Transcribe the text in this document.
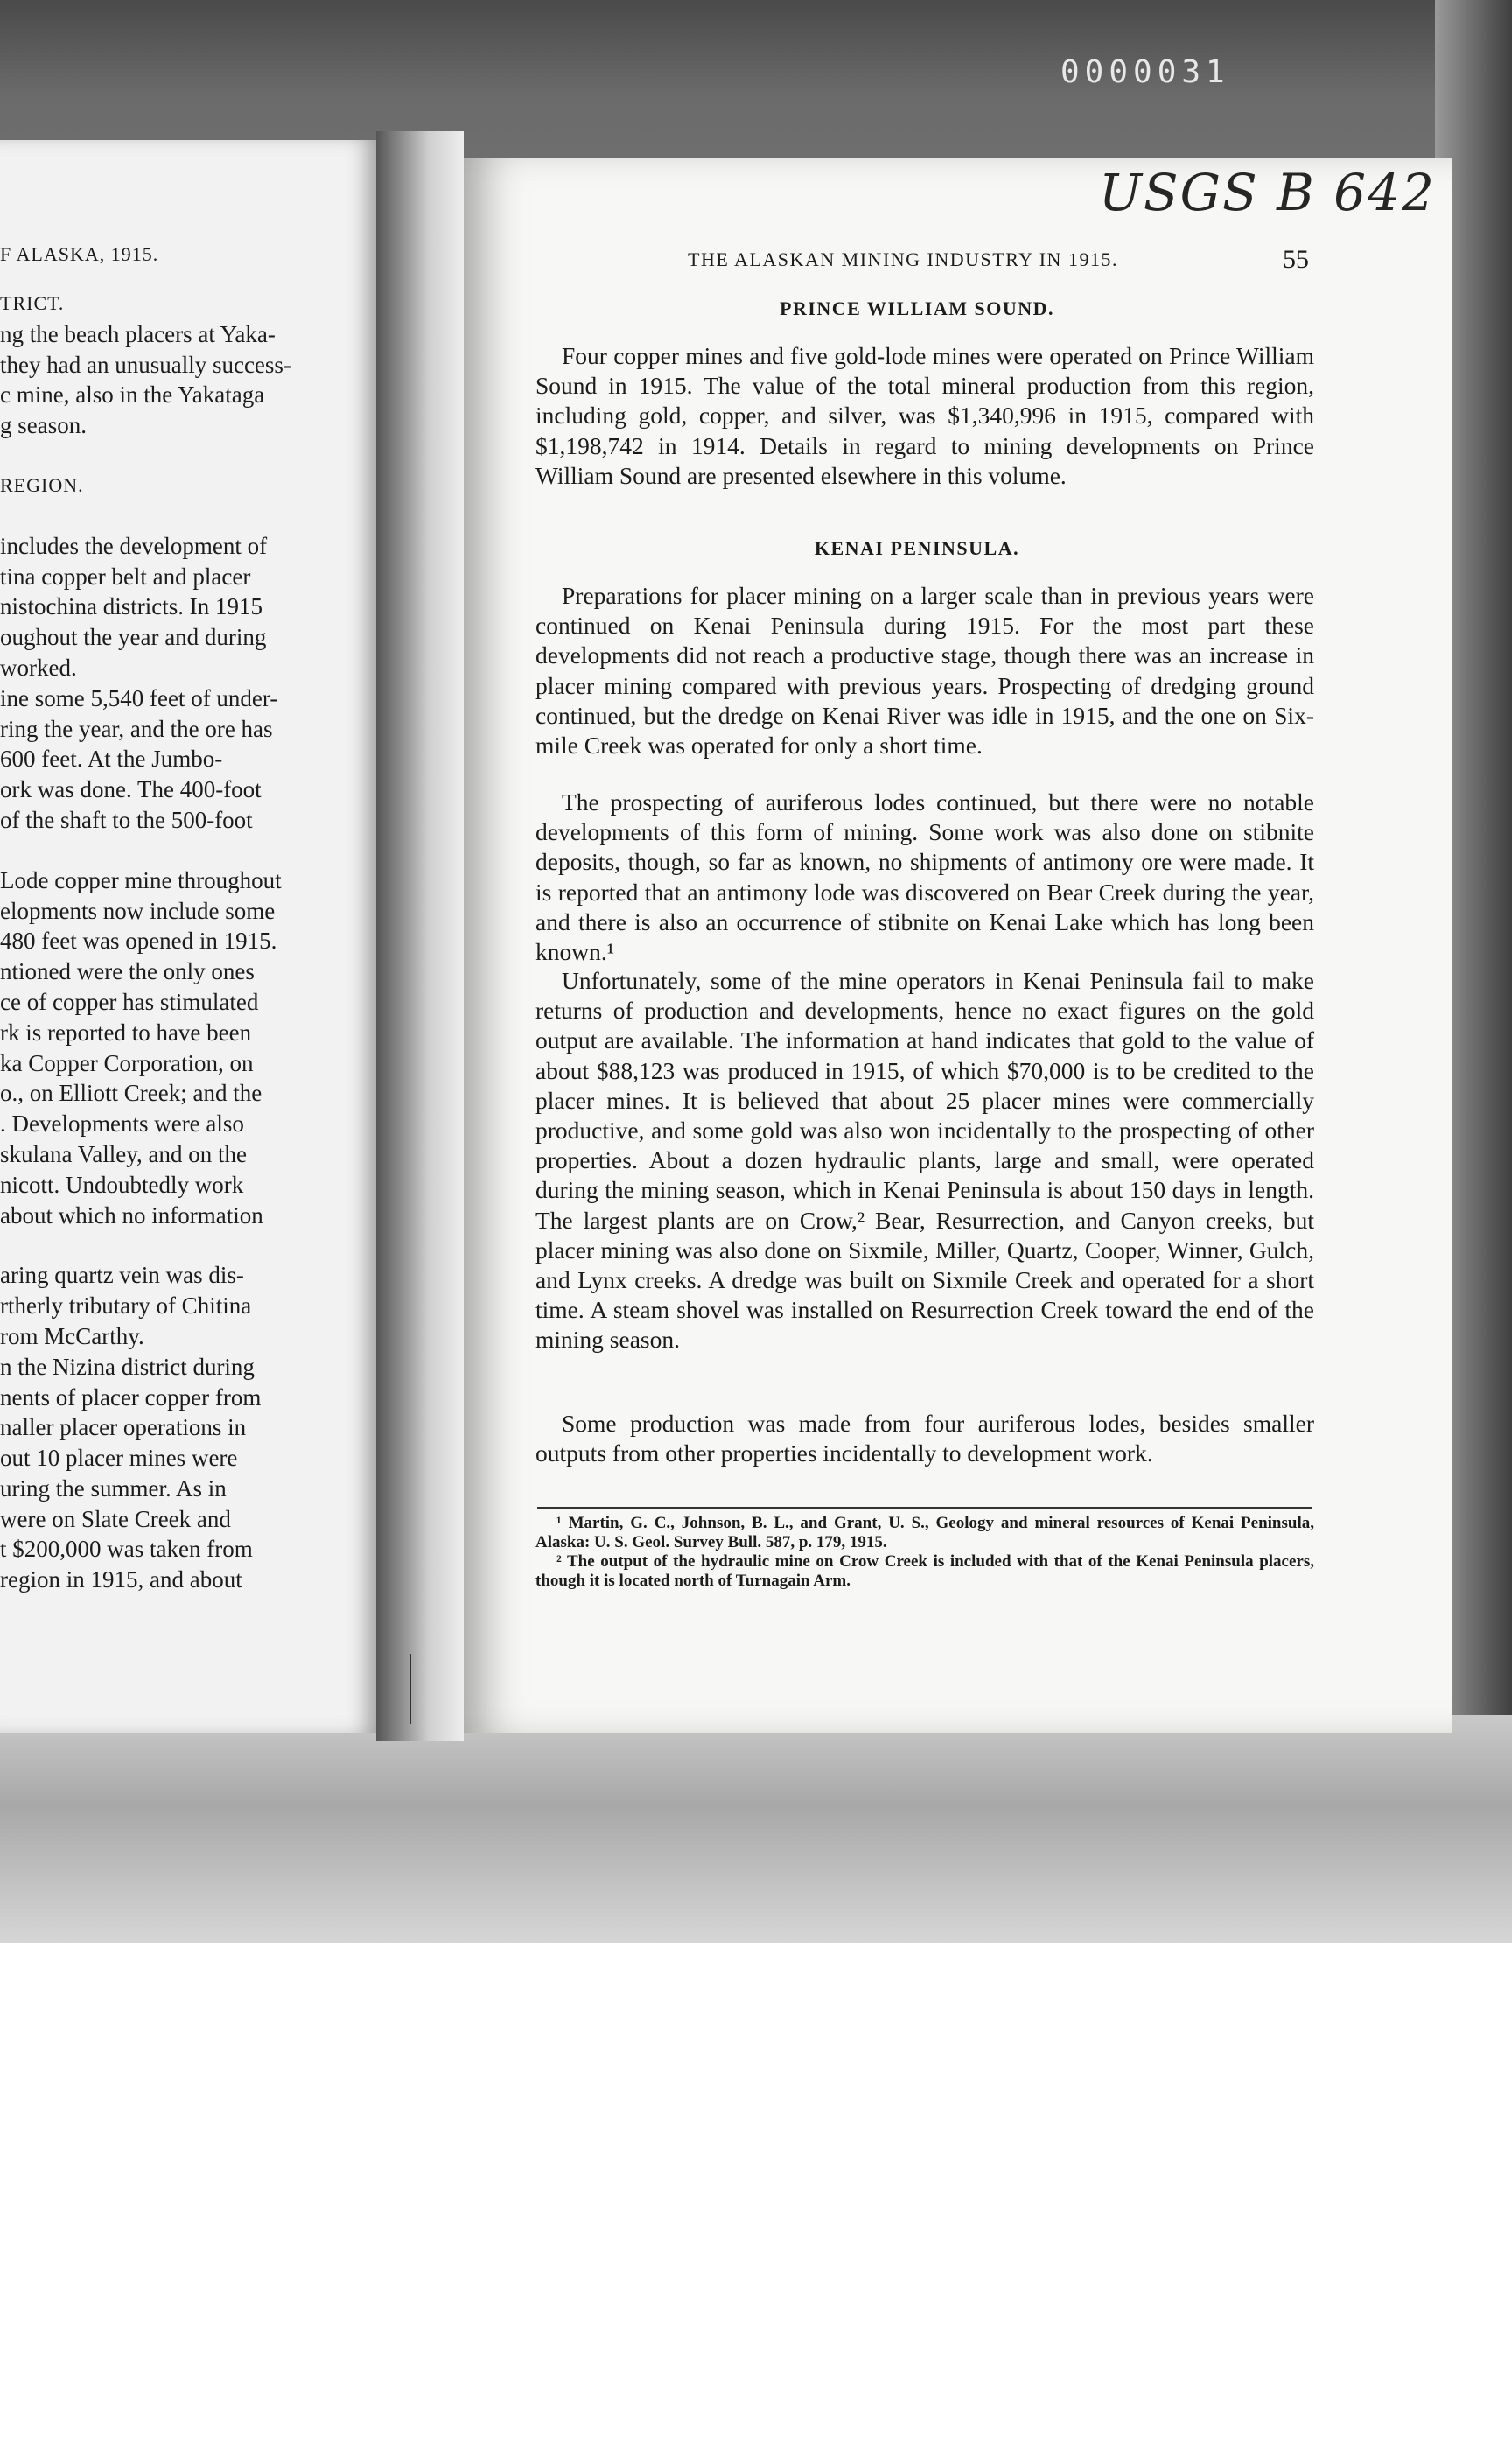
0000031
F ALASKA, 1915.
TRICT.
ng the beach placers at Yaka-
they had an unusually success-
c mine, also in the Yakataga
g season.
REGION.
includes the development of
tina copper belt and placer
nistochina districts. In 1915
oughout the year and during
worked.
ine some 5,540 feet of under-
ring the year, and the ore has
600 feet. At the Jumbo-
ork was done. The 400-foot
of the shaft to the 500-foot
Lode copper mine throughout
elopments now include some
480 feet was opened in 1915.
ntioned were the only ones
ce of copper has stimulated
rk is reported to have been
ka Copper Corporation, on
o., on Elliott Creek; and the
. Developments were also
skulana Valley, and on the
nicott. Undoubtedly work
about which no information
aring quartz vein was dis-
rtherly tributary of Chitina
rom McCarthy.
n the Nizina district during
nents of placer copper from
naller placer operations in
out 10 placer mines were
uring the summer. As in
were on Slate Creek and
t $200,000 was taken from
region in 1915, and about
USGS B 642
THE ALASKAN MINING INDUSTRY IN 1915.	55
PRINCE WILLIAM SOUND.
Four copper mines and five gold-lode mines were operated on Prince William Sound in 1915. The value of the total mineral production from this region, including gold, copper, and silver, was $1,340,996 in 1915, compared with $1,198,742 in 1914. Details in regard to mining developments on Prince William Sound are presented elsewhere in this volume.
KENAI PENINSULA.
Preparations for placer mining on a larger scale than in previous years were continued on Kenai Peninsula during 1915. For the most part these developments did not reach a productive stage, though there was an increase in placer mining compared with previous years. Prospecting of dredging ground continued, but the dredge on Kenai River was idle in 1915, and the one on Six-mile Creek was operated for only a short time.
The prospecting of auriferous lodes continued, but there were no notable developments of this form of mining. Some work was also done on stibnite deposits, though, so far as known, no shipments of antimony ore were made. It is reported that an antimony lode was discovered on Bear Creek during the year, and there is also an occurrence of stibnite on Kenai Lake which has long been known.¹
Unfortunately, some of the mine operators in Kenai Peninsula fail to make returns of production and developments, hence no exact figures on the gold output are available. The information at hand indicates that gold to the value of about $88,123 was produced in 1915, of which $70,000 is to be credited to the placer mines. It is believed that about 25 placer mines were commercially productive, and some gold was also won incidentally to the prospecting of other properties. About a dozen hydraulic plants, large and small, were operated during the mining season, which in Kenai Peninsula is about 150 days in length. The largest plants are on Crow,² Bear, Resurrection, and Canyon creeks, but placer mining was also done on Sixmile, Miller, Quartz, Cooper, Winner, Gulch, and Lynx creeks. A dredge was built on Sixmile Creek and operated for a short time. A steam shovel was installed on Resurrection Creek toward the end of the mining season.
Some production was made from four auriferous lodes, besides smaller outputs from other properties incidentally to development work.

¹ Martin, G. C., Johnson, B. L., and Grant, U. S., Geology and mineral resources of Kenai Peninsula, Alaska: U. S. Geol. Survey Bull. 587, p. 179, 1915.

² The output of the hydraulic mine on Crow Creek is included with that of the Kenai Peninsula placers, though it is located north of Turnagain Arm.
